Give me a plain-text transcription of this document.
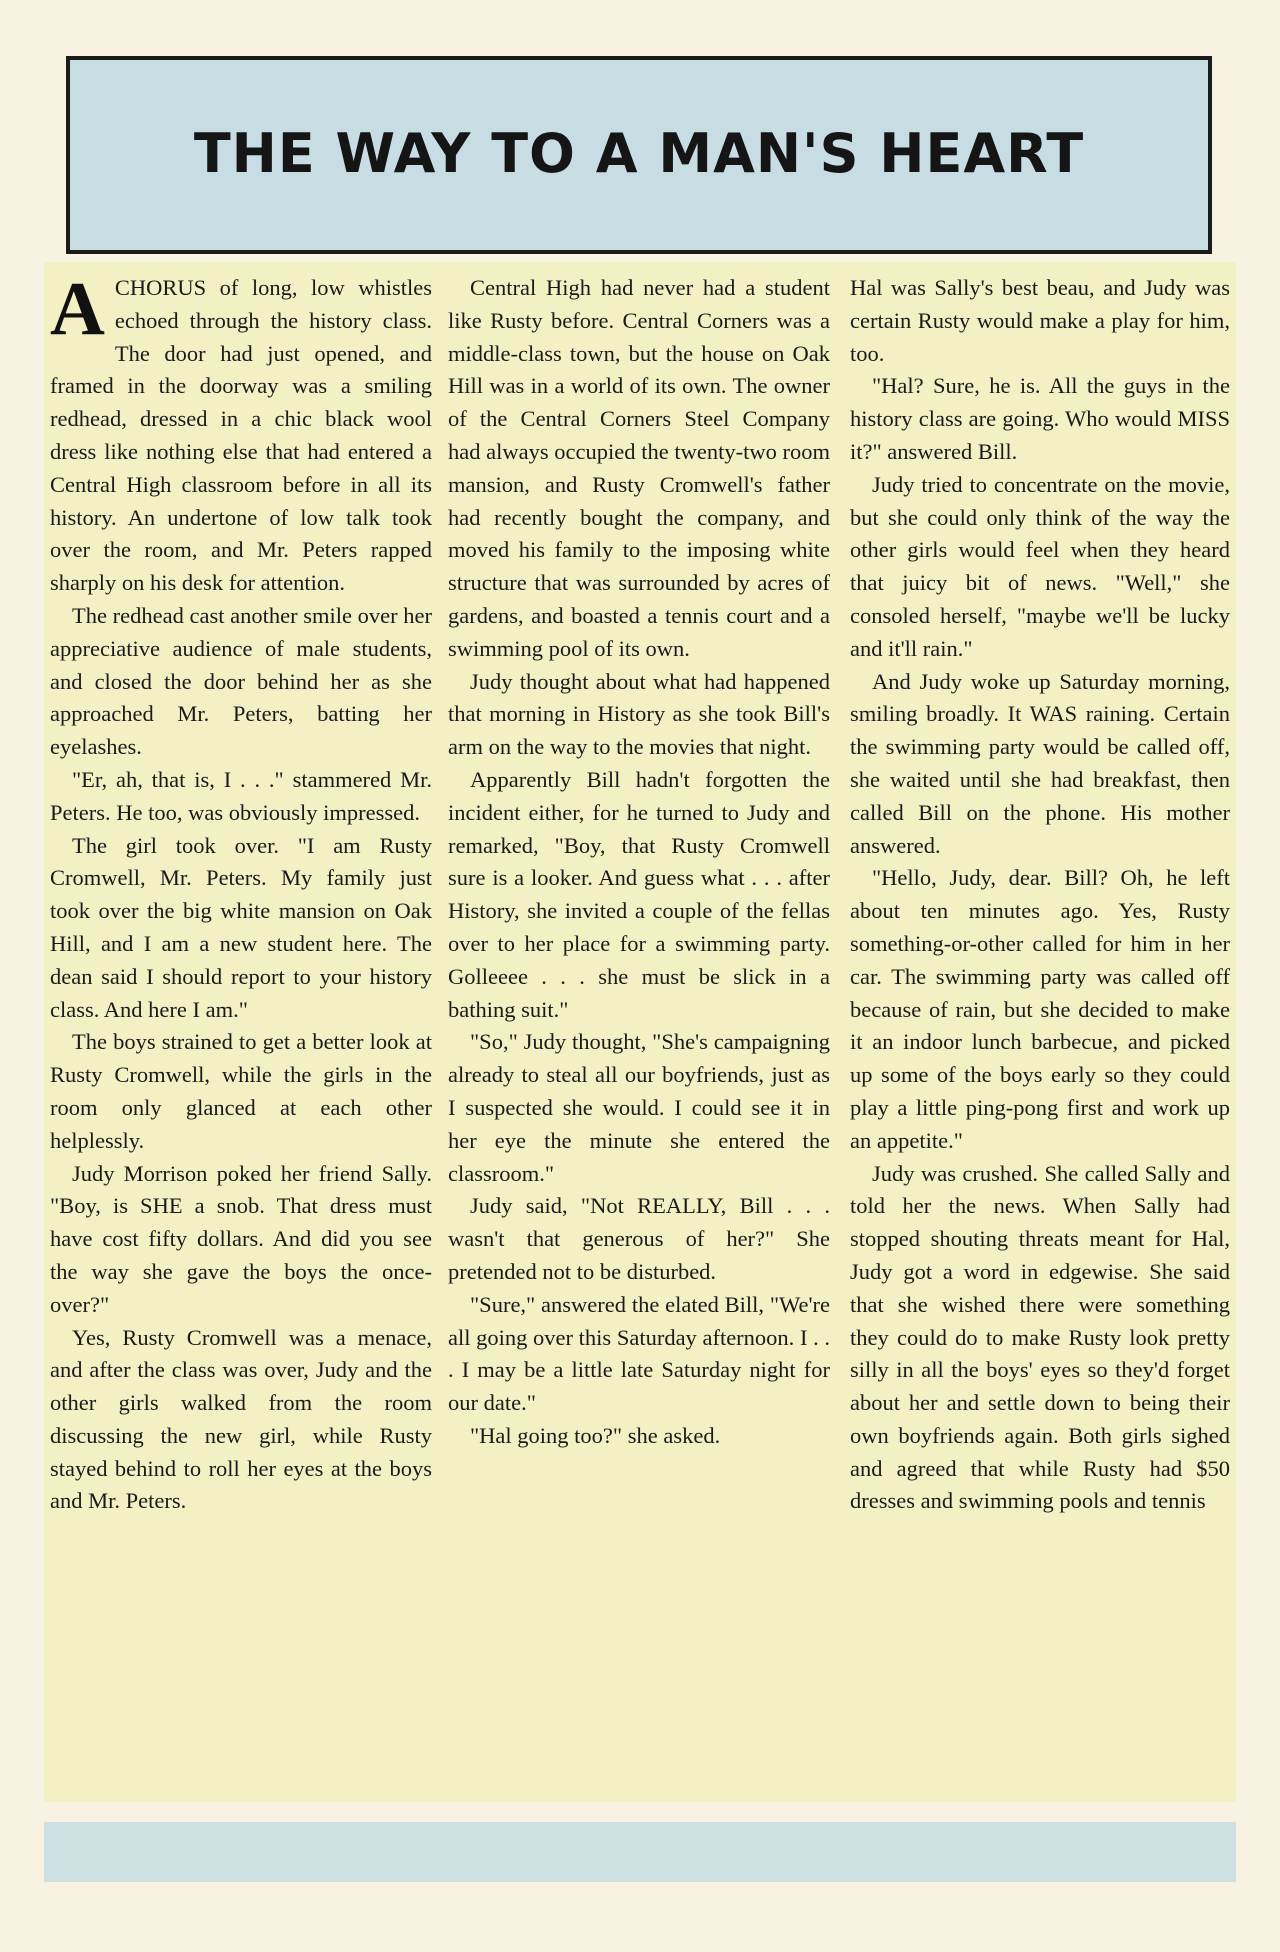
THE WAY TO A MAN'S HEART

ACHORUS of long, low whistles echoed through the history class. The door had just opened, and framed in the doorway was a smiling redhead, dressed in a chic black wool dress like nothing else that had entered a Central High classroom before in all its history. An undertone of low talk took over the room, and Mr. Peters rapped sharply on his desk for attention.

The redhead cast another smile over her appreciative audience of male students, and closed the door behind her as she approached Mr. Peters, batting her eyelashes.

"Er, ah, that is, I . . ." stammered Mr. Peters. He too, was obviously impressed.

The girl took over. "I am Rusty Cromwell, Mr. Peters. My family just took over the big white mansion on Oak Hill, and I am a new student here. The dean said I should report to your history class. And here I am."

The boys strained to get a better look at Rusty Cromwell, while the girls in the room only glanced at each other helplessly.

Judy Morrison poked her friend Sally. "Boy, is SHE a snob. That dress must have cost fifty dollars. And did you see the way she gave the boys the once-over?"

Yes, Rusty Cromwell was a menace, and after the class was over, Judy and the other girls walked from the room discussing the new girl, while Rusty stayed behind to roll her eyes at the boys and Mr. Peters.

Central High had never had a student like Rusty before. Central Corners was a middle-class town, but the house on Oak Hill was in a world of its own. The owner of the Central Corners Steel Company had always occupied the twenty-two room mansion, and Rusty Cromwell's father had recently bought the company, and moved his family to the imposing white structure that was surrounded by acres of gardens, and boasted a tennis court and a swimming pool of its own.

Judy thought about what had happened that morning in History as she took Bill's arm on the way to the movies that night.

Apparently Bill hadn't forgotten the incident either, for he turned to Judy and remarked, "Boy, that Rusty Cromwell sure is a looker. And guess what . . . after History, she invited a couple of the fellas over to her place for a swimming party. Golleeee . . . she must be slick in a bathing suit."

"So," Judy thought, "She's campaigning already to steal all our boyfriends, just as I suspected she would. I could see it in her eye the minute she entered the classroom."

Judy said, "Not REALLY, Bill . . . wasn't that generous of her?" She pretended not to be disturbed.

"Sure," answered the elated Bill, "We're all going over this Saturday afternoon. I . . . I may be a little late Saturday night for our date."

"Hal going too?" she asked.

Hal was Sally's best beau, and Judy was certain Rusty would make a play for him, too.

"Hal? Sure, he is. All the guys in the history class are going. Who would MISS it?" answered Bill.

Judy tried to concentrate on the movie, but she could only think of the way the other girls would feel when they heard that juicy bit of news. "Well," she consoled herself, "maybe we'll be lucky and it'll rain."

And Judy woke up Saturday morning, smiling broadly. It WAS raining. Certain the swimming party would be called off, she waited until she had breakfast, then called Bill on the phone. His mother answered.

"Hello, Judy, dear. Bill? Oh, he left about ten minutes ago. Yes, Rusty something-or-other called for him in her car. The swimming party was called off because of rain, but she decided to make it an indoor lunch barbecue, and picked up some of the boys early so they could play a little ping-pong first and work up an appetite."

Judy was crushed. She called Sally and told her the news. When Sally had stopped shouting threats meant for Hal, Judy got a word in edgewise. She said that she wished there were something they could do to make Rusty look pretty silly in all the boys' eyes so they'd forget about her and settle down to being their own boyfriends again. Both girls sighed and agreed that while Rusty had $50 dresses and swimming pools and tennis
